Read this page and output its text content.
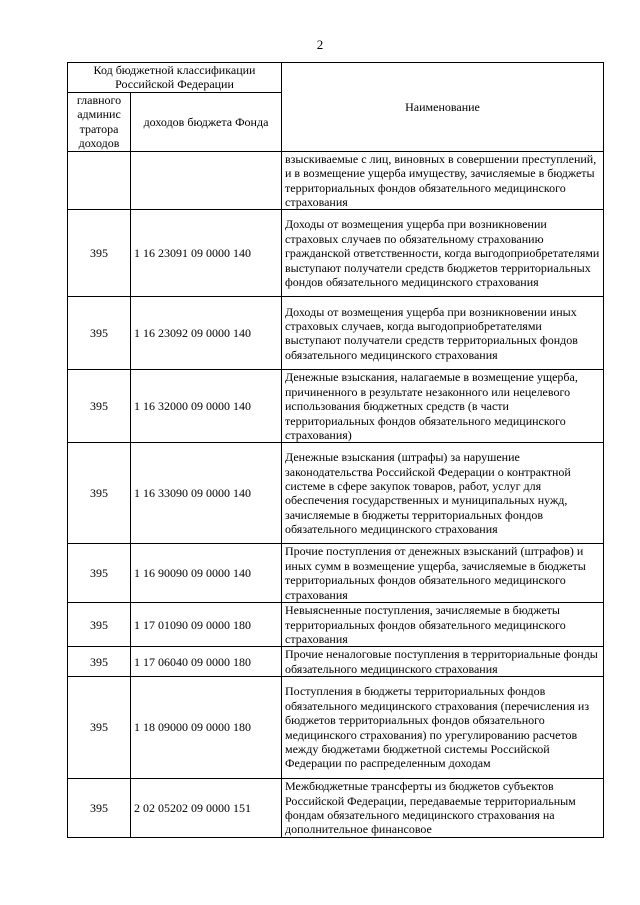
2
Код бюджетной классификации Российской Федерации		Наименование
главного админис тратора доходов	доходов бюджета Фонда	
		взыскиваемые с лиц, виновных в совершении преступлений, и в возмещение ущерба имуществу, зачисляемые в бюджеты территориальных фондов обязательного медицинского страхования
395	1 16 23091 09 0000 140	Доходы от возмещения ущерба при возникновении страховых случаев по обязательному страхованию гражданской ответственности, когда выгодоприобретателями выступают получатели средств бюджетов территориальных фондов обязательного медицинского страхования
395	1 16 23092 09 0000 140	Доходы от возмещения ущерба при возникновении иных страховых случаев, когда выгодоприобретателями выступают получатели средств территориальных фондов обязательного медицинского страхования
395	1 16 32000 09 0000 140	Денежные взыскания, налагаемые в возмещение ущерба, причиненного в результате незаконного или нецелевого использования бюджетных средств (в части территориальных фондов обязательного медицинского страхования)
395	1 16 33090 09 0000 140	Денежные взыскания (штрафы) за нарушение законодательства Российской Федерации о контрактной системе в сфере закупок товаров, работ, услуг для обеспечения государственных и муниципальных нужд, зачисляемые в бюджеты территориальных фондов обязательного медицинского страхования
395	1 16 90090 09 0000 140	Прочие поступления от денежных взысканий (штрафов) и иных сумм в возмещение ущерба, зачисляемые в бюджеты территориальных фондов обязательного медицинского страхования
395	1 17 01090 09 0000 180	Невыясненные поступления, зачисляемые в бюджеты территориальных фондов обязательного медицинского страхования
395	1 17 06040 09 0000 180	Прочие неналоговые поступления в территориальные фонды обязательного медицинского страхования
395	1 18 09000 09 0000 180	Поступления в бюджеты территориальных фондов обязательного медицинского страхования (перечисления из бюджетов территориальных фондов обязательного медицинского страхования) по урегулированию расчетов между бюджетами бюджетной системы Российской Федерации по распределенным доходам
395	2 02 05202 09 0000 151	Межбюджетные трансферты из бюджетов субъектов Российской Федерации, передаваемые территориальным фондам обязательного медицинского страхования на дополнительное финансовое
